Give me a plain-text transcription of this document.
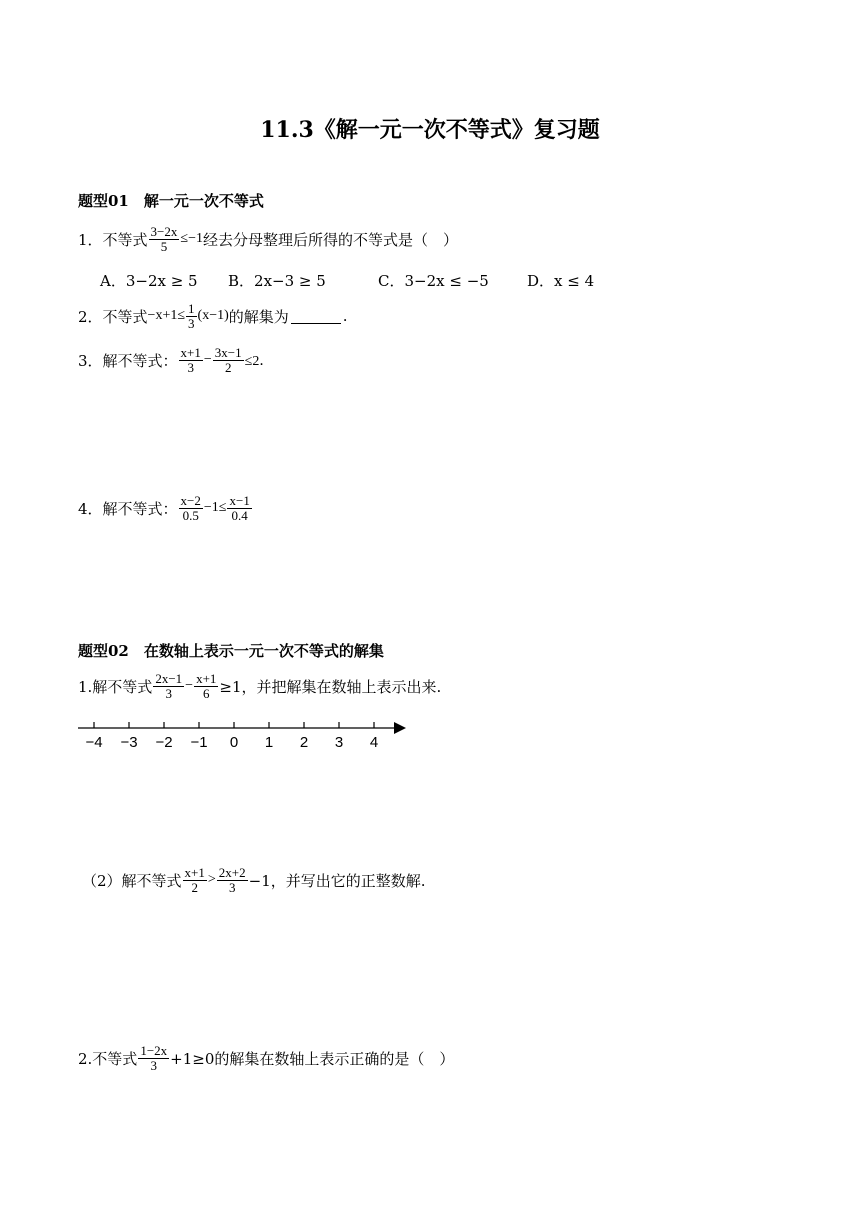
11.3《解一元一次不等式》复习题
题型01　解一元一次不等式
1．不等式 $\frac{3-2x}{5} \le-1$ 经去分母整理后所得的不等式是（　）
A．3−2x ≥ 5 B．2x−3 ≥ 5	C．3−2x ≤ −5	D．x ≤ 4
2．不等式 $-x+1\le \frac{1}{3} (x-1)$ 的解集为	.
3．解不等式： $\frac{x+1}{3} - \frac{3x-1}{2} \le 2$．
4．解不等式： $\frac{x-2}{0.5} -1\le \frac{x-1}{0.4}$
题型02　在数轴上表示一元一次不等式的解集
1.解不等式 $\frac{2x-1}{3} - \frac{x+1}{6} \ge 1$，并把解集在数轴上表示出来.
−4 −3 −2 −1 0 1 2 3 4
（2）解不等式 $\frac{x+1}{2} > \frac{2x+2}{3} -1$，并写出它的正整数解.
2.不等式 $\frac{1-2x}{3} +1\ge 0$的解集在数轴上表示正确的是（　）
